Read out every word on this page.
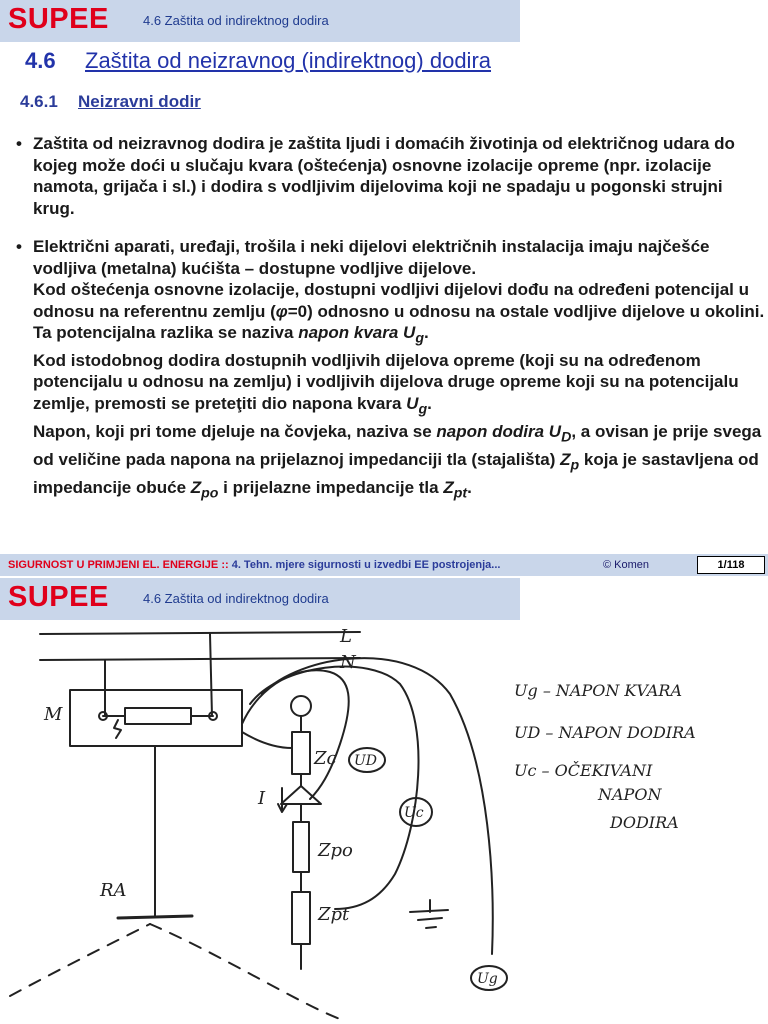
SUPEE	4.6 Zaštita od indirektnog dodira
4.6 Zaštita od neizravnog (indirektnog) dodira
4.6.1 Neizravni dodir
• Zaštita od neizravnog dodira je zaštita ljudi i domaćih životinja od električnog udara do kojeg može doći u slučaju kvara (oštećenja) osnovne izolacije opreme (npr. izolacije namota, grijača i sl.) i dodira s vodljivim dijelovima koji ne spadaju u pogonski strujni krug.
• Električni aparati, uređaji, trošila i neki dijelovi električnih instalacija imaju najčešće vodljiva (metalna) kućišta – dostupne vodljive dijelove.
Kod oštećenja osnovne izolacije, dostupni vodljivi dijelovi dođu na određeni potencijal u odnosu na referentnu zemlju (φ=0) odnosno u odnosu na ostale vodljive dijelove u okolini.
Ta potencijalna razlika se naziva napon kvara $U_g$.
Kod istodobnog dodira dostupnih vodljivih dijelova opreme (koji su na određenom potencijalu u odnosu na zemlju) i vodljivih dijelova druge opreme koji su na potencijalu zemlje, premosti se preteţiti dio napona kvara $U_g$.
Napon, koji pri tome djeluje na čovjeka, naziva se napon dodira $U_D$, a ovisan je prije svega od veličine pada napona na prijelaznoj impedanciji tla (stajališta) $Z_p$ koja je sastavljena od impedancije obuće $Z_{po}$ i prijelazne impedancije tla $Z_{pt}$.
SIGURNOST U PRIMJENI EL. ENERGIJE :: 4. Tehn. mjere sigurnosti u izvedbi EE postrojenja...	© Komen	1/118
SUPEE	4.6 Zaštita od indirektnog dodira
L
N
M
I
Zc UD
Uc
Ug
Zpo
Zpt
RA
Ug – NAPON KVARA
UD – NAPON DODIRA
Uc – OČEKIVANI
NAPON
DODIRA
